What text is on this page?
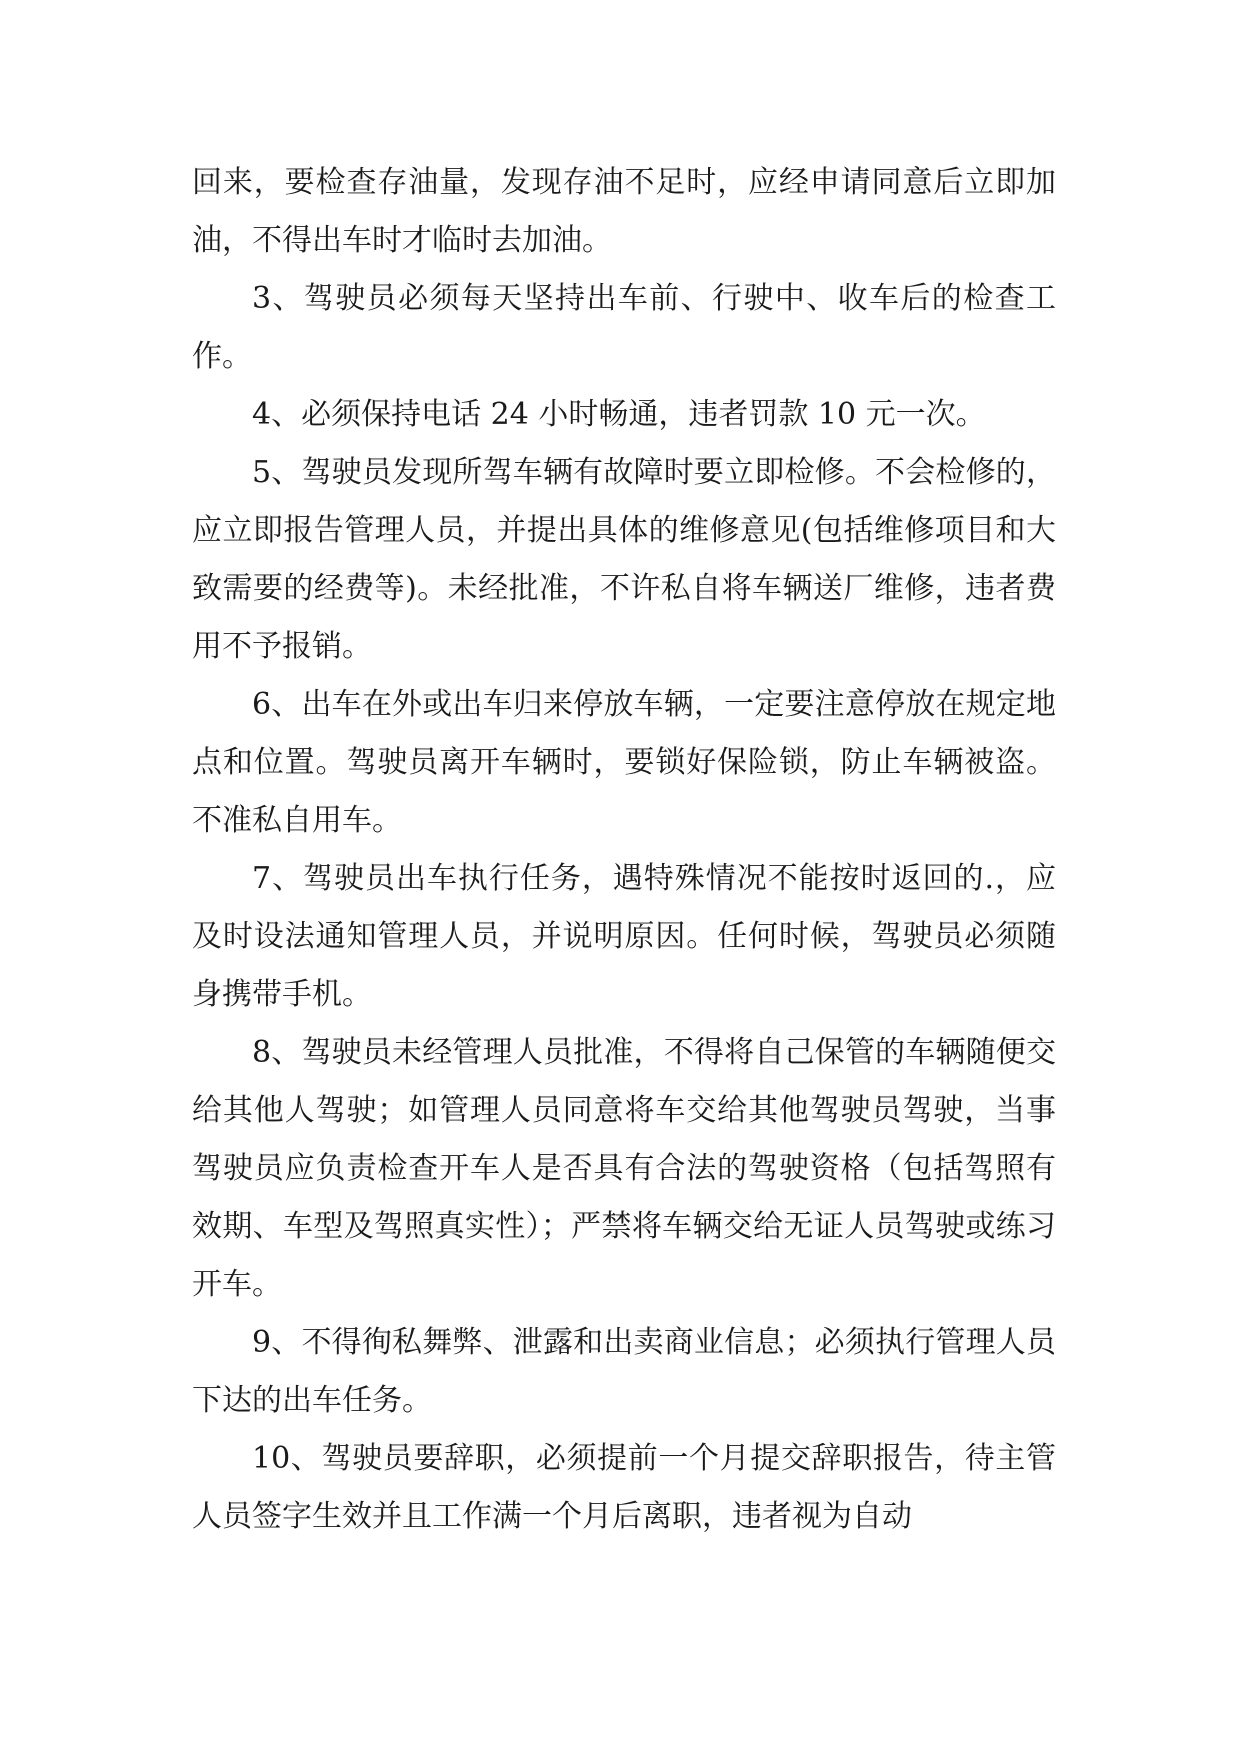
回来，要检查存油量，发现存油不足时，应经申请同意后立即加油，不得出车时才临时去加油。

3、驾驶员必须每天坚持出车前、行驶中、收车后的检查工作。

4、必须保持电话 24 小时畅通，违者罚款 10 元一次。

5、驾驶员发现所驾车辆有故障时要立即检修。不会检修的，应立即报告管理人员，并提出具体的维修意见(包括维修项目和大致需要的经费等)。未经批准，不许私自将车辆送厂维修，违者费用不予报销。

6、出车在外或出车归来停放车辆，一定要注意停放在规定地点和位置。驾驶员离开车辆时，要锁好保险锁，防止车辆被盗。不准私自用车。

7、驾驶员出车执行任务，遇特殊情况不能按时返回的.，应及时设法通知管理人员，并说明原因。任何时候，驾驶员必须随身携带手机。

8、驾驶员未经管理人员批准，不得将自己保管的车辆随便交给其他人驾驶；如管理人员同意将车交给其他驾驶员驾驶，当事驾驶员应负责检查开车人是否具有合法的驾驶资格（包括驾照有效期、车型及驾照真实性）；严禁将车辆交给无证人员驾驶或练习开车。

9、不得徇私舞弊、泄露和出卖商业信息；必须执行管理人员下达的出车任务。

10、驾驶员要辞职，必须提前一个月提交辞职报告，待主管人员签字生效并且工作满一个月后离职，违者视为自动
